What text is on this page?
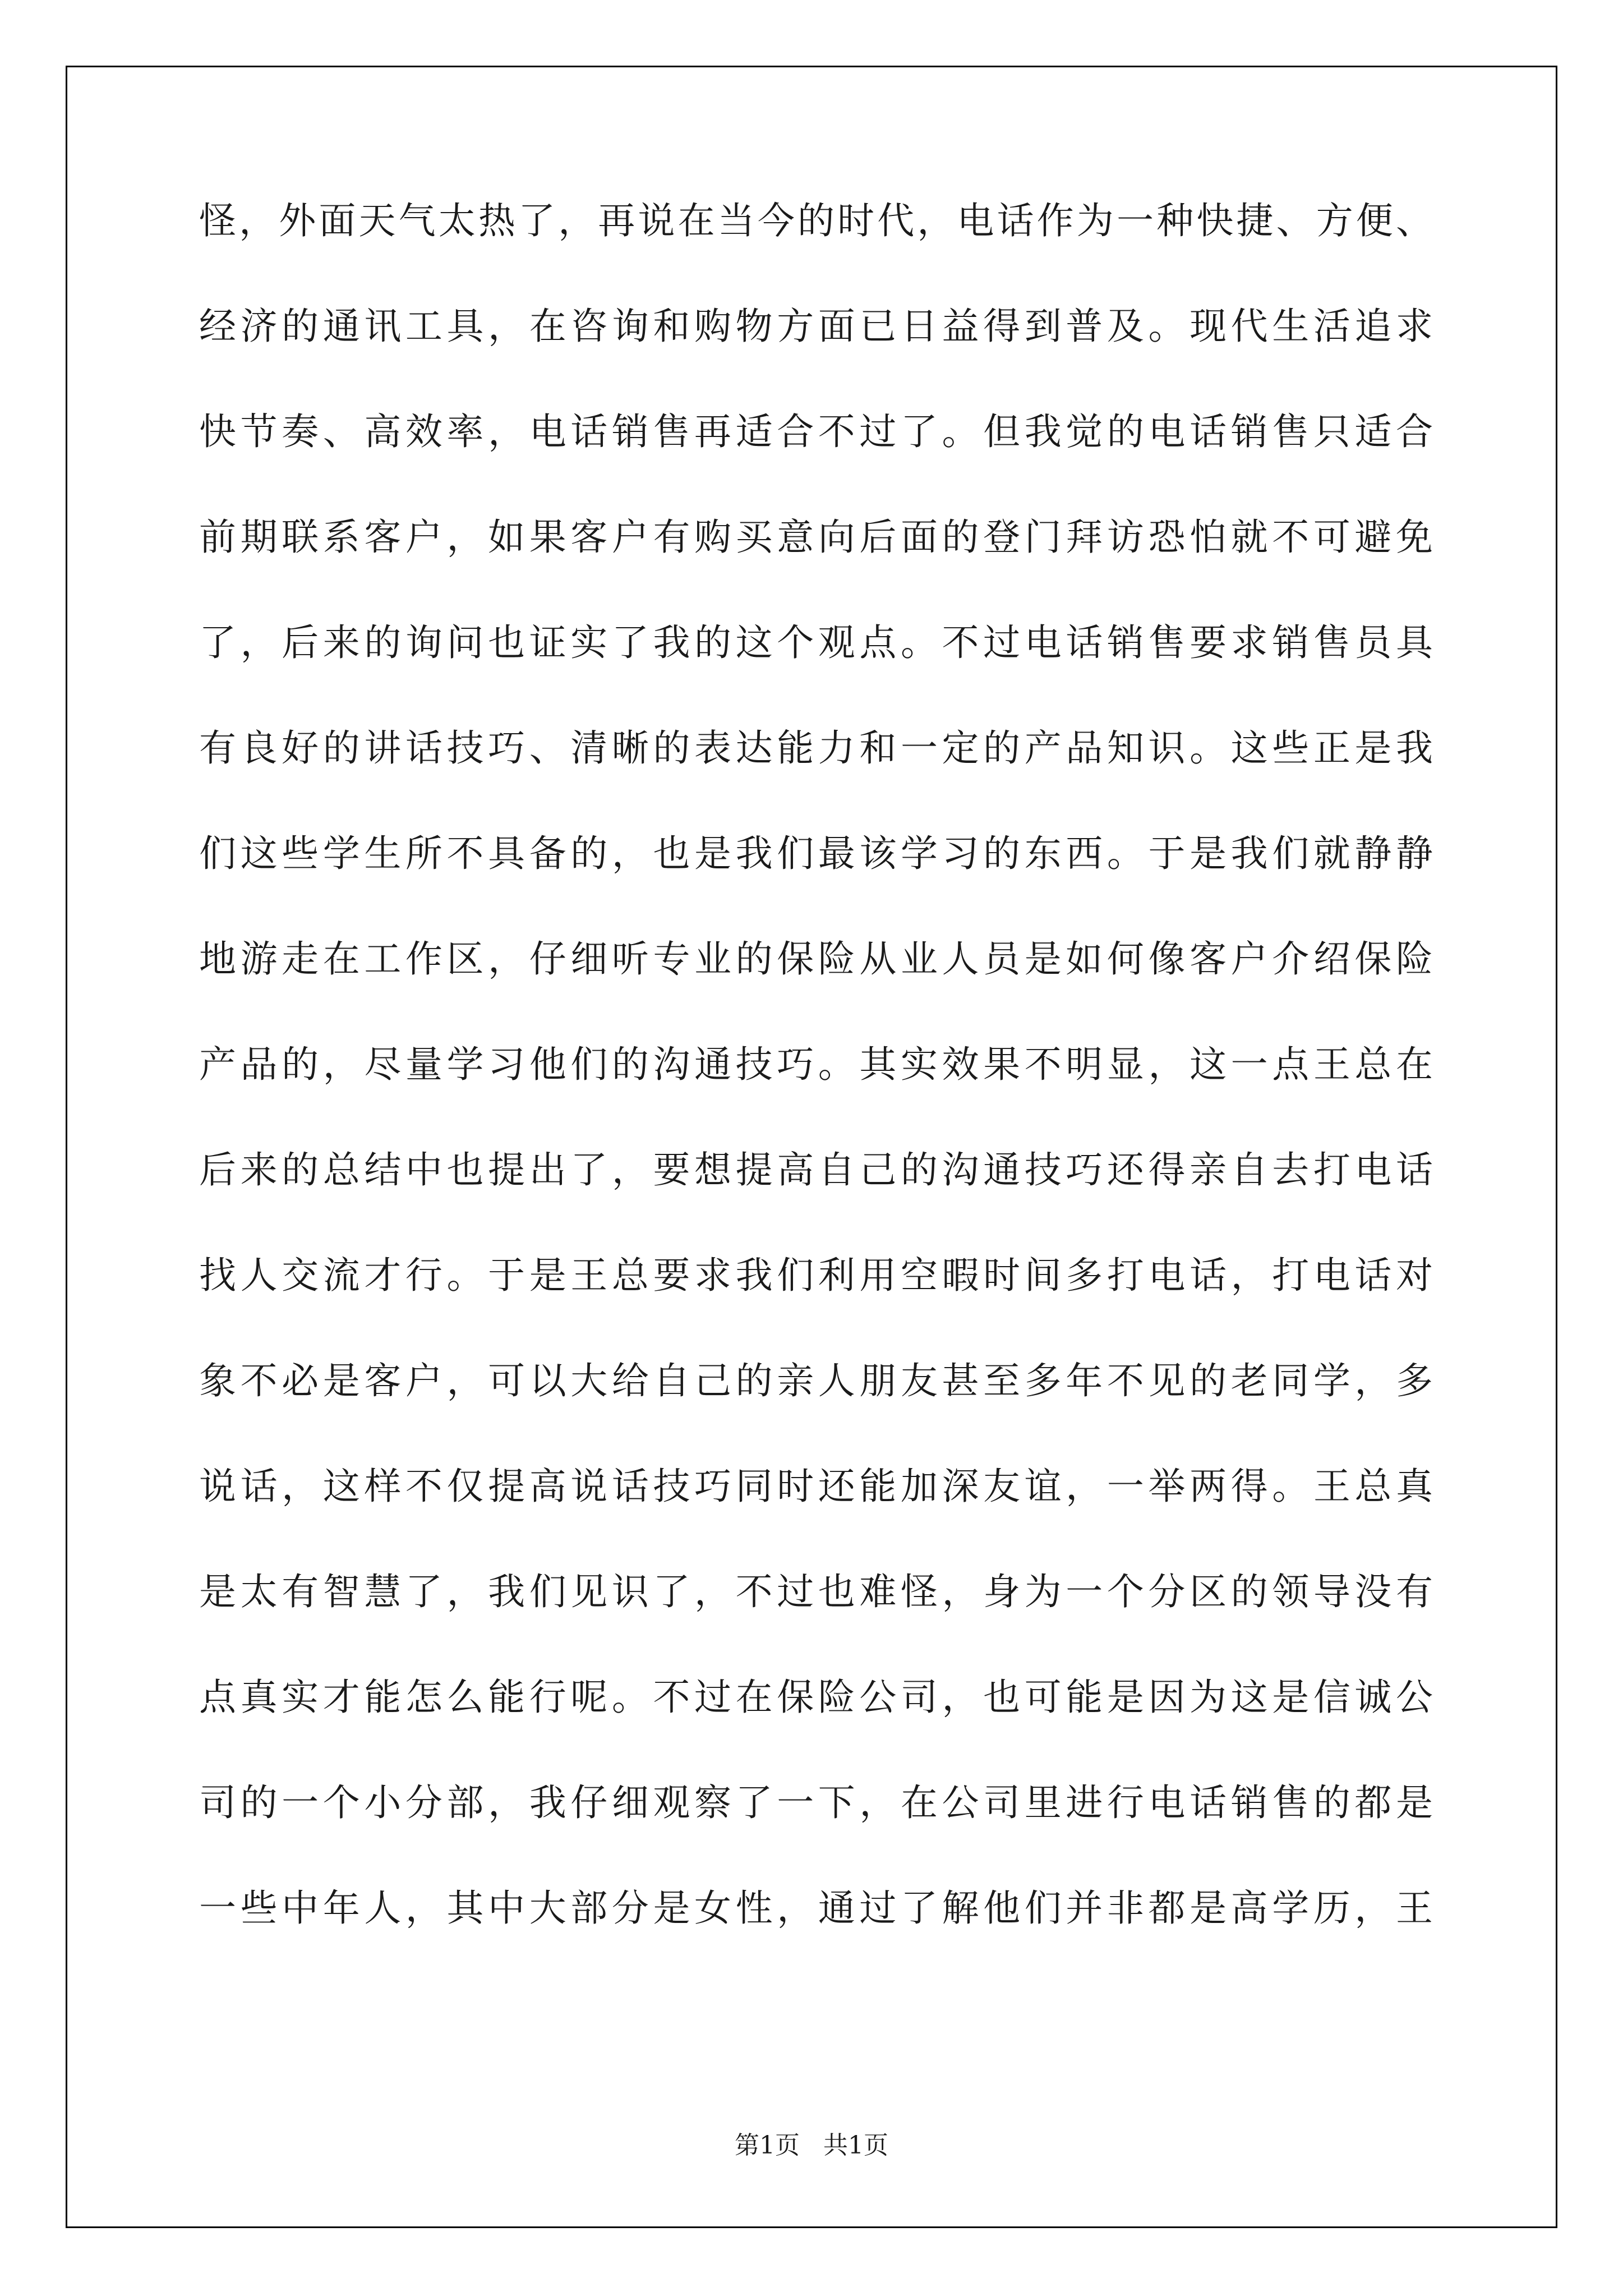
怪，外面天气太热了，再说在当今的时代，电话作为一种快捷、方便、
经济的通讯工具，在咨询和购物方面已日益得到普及。现代生活追求
快节奏、高效率，电话销售再适合不过了。但我觉的电话销售只适合
前期联系客户，如果客户有购买意向后面的登门拜访恐怕就不可避免
了，后来的询问也证实了我的这个观点。不过电话销售要求销售员具
有良好的讲话技巧、清晰的表达能力和一定的产品知识。这些正是我
们这些学生所不具备的，也是我们最该学习的东西。于是我们就静静
地游走在工作区，仔细听专业的保险从业人员是如何像客户介绍保险
产品的，尽量学习他们的沟通技巧。其实效果不明显，这一点王总在
后来的总结中也提出了，要想提高自己的沟通技巧还得亲自去打电话
找人交流才行。于是王总要求我们利用空暇时间多打电话，打电话对
象不必是客户，可以大给自己的亲人朋友甚至多年不见的老同学，多
说话，这样不仅提高说话技巧同时还能加深友谊，一举两得。王总真
是太有智慧了，我们见识了，不过也难怪，身为一个分区的领导没有
点真实才能怎么能行呢。不过在保险公司，也可能是因为这是信诚公
司的一个小分部，我仔细观察了一下，在公司里进行电话销售的都是
一些中年人，其中大部分是女性，通过了解他们并非都是高学历，王
第1页 共1页
